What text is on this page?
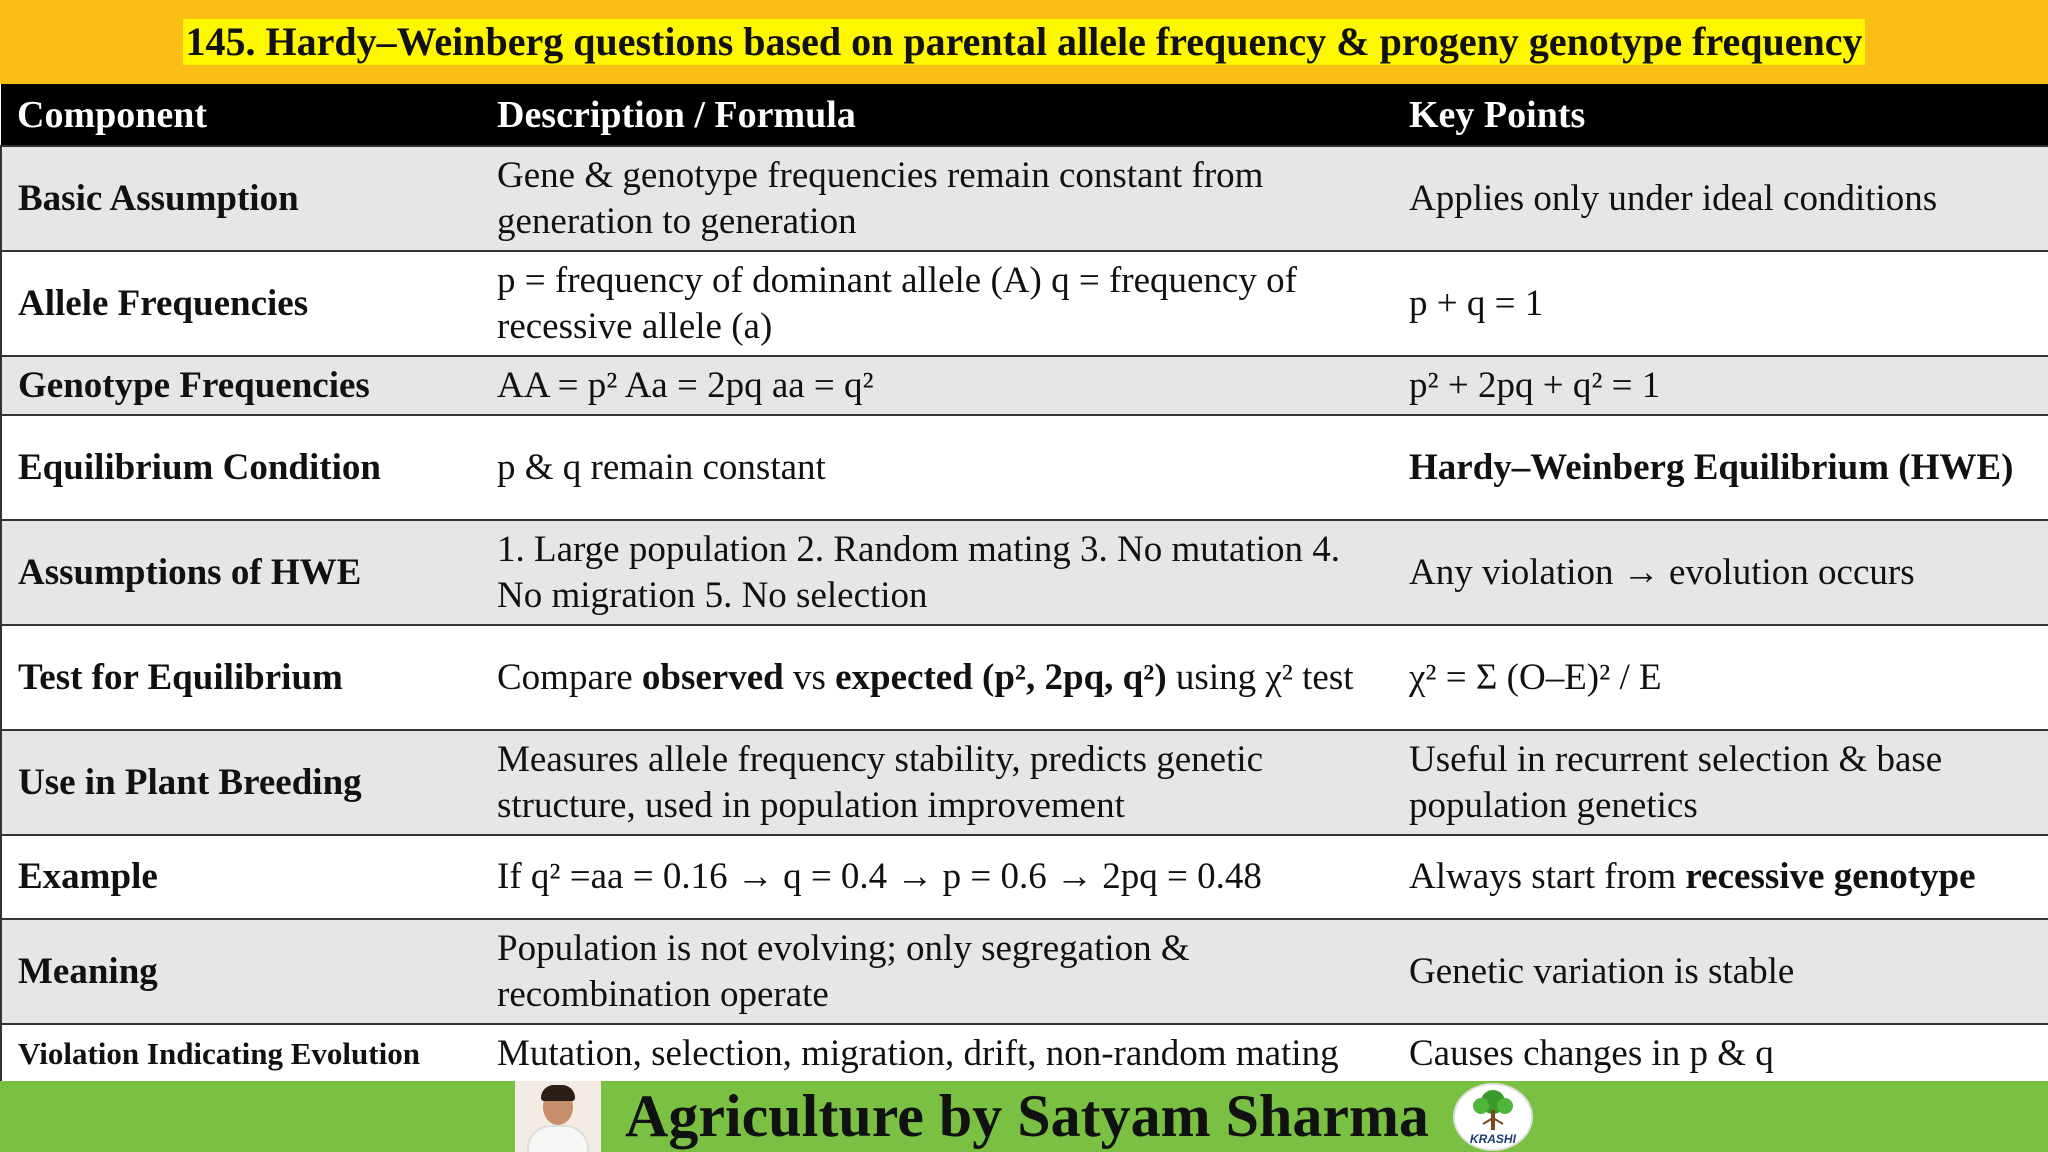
145. Hardy–Weinberg questions based on parental allele frequency & progeny genotype frequency
Component	Description / Formula	Key Points
Basic Assumption	Gene & genotype frequencies remain constant from generation to generation	Applies only under ideal conditions
Allele Frequencies	p = frequency of dominant allele (A) q = frequency of recessive allele (a)	p + q = 1
Genotype Frequencies	AA = p² Aa = 2pq aa = q²	p² + 2pq + q² = 1
Equilibrium Condition	p & q remain constant	Hardy–Weinberg Equilibrium (HWE)
Assumptions of HWE	1. Large population 2. Random mating 3. No mutation 4. No migration 5. No selection	Any violation → evolution occurs
Test for Equilibrium	Compare observed vs expected (p², 2pq, q²) using χ² test	χ² = Σ (O–E)² / E
Use in Plant Breeding	Measures allele frequency stability, predicts genetic structure, used in population improvement	Useful in recurrent selection & base population genetics
Example	If q² =aa = 0.16 → q = 0.4 → p = 0.6 → 2pq = 0.48	Always start from recessive genotype
Meaning	Population is not evolving; only segregation & recombination operate	Genetic variation is stable
Violation Indicating Evolution	Mutation, selection, migration, drift, non-random mating	Causes changes in p & q
Agriculture by Satyam Sharma	KRASHI
